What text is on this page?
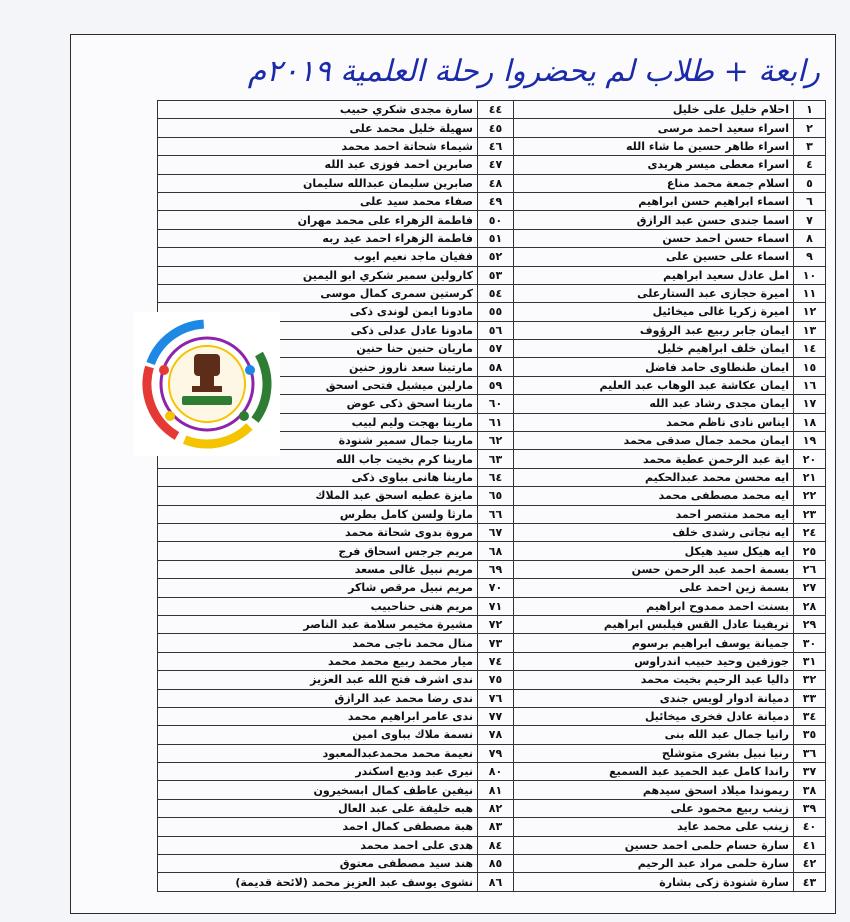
رابعة + طلاب لم يحضروا رحلة العلمية ٢٠١٩م
١	احلام خليل على خليل	٤٤	سارة مجدى شكري حبيب
٢	اسراء سعيد احمد مرسى	٤٥	سهيلة خليل محمد على
٣	اسراء طاهر حسين ما شاء الله	٤٦	شيماء شحاتة احمد محمد
٤	اسراء معطى ميسر هريدى	٤٧	صابرين احمد فوزى عبد الله
٥	اسلام جمعة محمد مناع	٤٨	صابرين سليمان عبدالله سليمان
٦	اسماء ابراهيم حسن ابراهيم	٤٩	صفاء محمد سيد على
٧	اسما جندى حسن عبد الرازق	٥٠	فاطمة الزهراء على محمد مهران
٨	اسماء حسن احمد حسن	٥١	فاطمة الزهراء احمد عيد ربه
٩	اسماء على حسين على	٥٢	ففيان ماجد نعيم ايوب
١٠	امل عادل سعيد ابراهيم	٥٣	كارولين سمير شكري ابو اليمين
١١	اميرة حجازى عبد الستارعلى	٥٤	كرستين سمرى كمال موسى
١٢	اميرة زكريا غالى ميخائيل	٥٥	مادونا ايمن لوندى ذكى
١٣	ايمان جابر ربيع عبد الرؤوف	٥٦	مادونا عادل عدلى ذكى
١٤	ايمان خلف ابراهيم خليل	٥٧	ماريان حنين حنا حنين
١٥	ايمان طنطاوى حامد فاضل	٥٨	مارتينا سعد ناروز حنين
١٦	ايمان عكاشة عبد الوهاب عبد العليم	٥٩	مارلين ميشيل فتحى اسحق
١٧	ايمان مجدى رشاد عبد الله	٦٠	مارينا اسحق ذكى عوض
١٨	ايناس نادى ناظم محمد	٦١	مارينا بهجت وليم لبيب
١٩	ايمان محمد جمال صدقى محمد	٦٢	مارينا جمال سمير شنودة
٢٠	اية عبد الرحمن عطية محمد	٦٣	مارينا كرم بخيت جاب الله
٢١	ايه محسن محمد عبدالحكيم	٦٤	مارينا هانى بباوى ذكى
٢٢	ايه محمد مصطفى محمد	٦٥	مايزة عطيه اسحق عبد الملاك
٢٣	ايه محمد منتصر احمد	٦٦	مارثا ولسن كامل بطرس
٢٤	ايه نجاتى رشدى خلف	٦٧	مروة بدوى شحاتة محمد
٢٥	ايه هيكل سيد هيكل	٦٨	مريم جرجس اسحاق فرج
٢٦	بسمة احمد عبد الرحمن حسن	٦٩	مريم نبيل غالى مسعد
٢٧	بسمة زين احمد على	٧٠	مريم نبيل مرقص شاكر
٢٨	بسنت احمد ممدوح ابراهيم	٧١	مريم هنى حناحبيب
٢٩	تريفينا عادل القس فيلبس ابراهيم	٧٢	مشيرة مخيمر سلامة عبد الناصر
٣٠	جميانة يوسف ابراهيم برسوم	٧٣	منال محمد ناجى محمد
٣١	جوزفين وحيد حبيب اندراوس	٧٤	ميار محمد ربيع محمد محمد
٣٢	داليا عبد الرحيم بخيت محمد	٧٥	ندى اشرف فتح الله عبد العزيز
٣٣	دميانة ادوار لويس جندى	٧٦	ندى رضا محمد عبد الرازق
٣٤	دميانة عادل فخرى ميخائيل	٧٧	ندى عامر ابراهيم محمد
٣٥	رانيا جمال عبد الله بنى	٧٨	نسمة ملاك بباوى امين
٣٦	رنيا نبيل بشرى متوشلح	٧٩	نعيمة محمد محمدعبدالمعبود
٣٧	راندا كامل عبد الحميد عبد السميع	٨٠	نيرى عبد وديع اسكندر
٣٨	ريموندا ميلاد اسحق سيدهم	٨١	نيفين عاطف كمال ابسخيرون
٣٩	زينب ربيع محمود على	٨٢	هبه خليفة على عبد العال
٤٠	زينب على محمد عايد	٨٣	هبة مصطفى كمال احمد
٤١	سارة حسام حلمى احمد حسين	٨٤	هدى على احمد محمد
٤٢	سارة حلمى مراد عبد الرحيم	٨٥	هند سيد مصطفى معتوق
٤٣	سارة شنودة زكى بشارة	٨٦	نشوى يوسف عبد العزيز محمد (لائحة قديمة)
